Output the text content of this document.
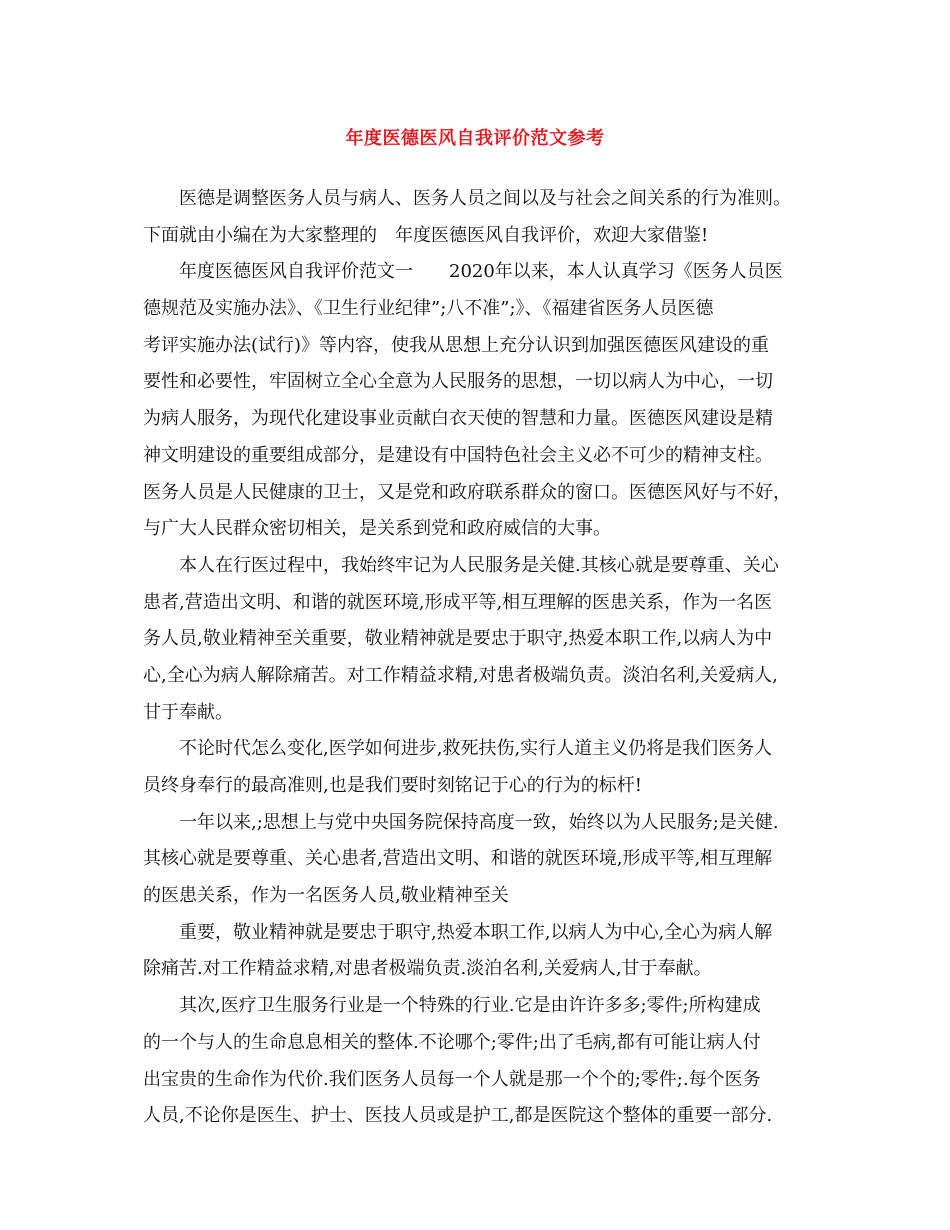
年度医德医风自我评价范文参考
医德是调整医务人员与病人、医务人员之间以及与社会之间关系的行为准则。
下面就由小编在为大家整理的　年度医德医风自我评价，欢迎大家借鉴!
年度医德医风自我评价范文一　　2020年以来，本人认真学习《医务人员医
德规范及实施办法》、《卫生行业纪律”;八不准”;》、《福建省医务人员医德
考评实施办法(试行)》等内容，使我从思想上充分认识到加强医德医风建设的重
要性和必要性，牢固树立全心全意为人民服务的思想，一切以病人为中心，一切
为病人服务，为现代化建设事业贡献白衣天使的智慧和力量。医德医风建设是精
神文明建设的重要组成部分，是建设有中国特色社会主义必不可少的精神支柱。
医务人员是人民健康的卫士，又是党和政府联系群众的窗口。医德医风好与不好，
与广大人民群众密切相关，是关系到党和政府威信的大事。
本人在行医过程中，我始终牢记为人民服务是关健.其核心就是要尊重、关心
患者,营造出文明、和谐的就医环境,形成平等,相互理解的医患关系，作为一名医
务人员,敬业精神至关重要，敬业精神就是要忠于职守,热爱本职工作,以病人为中
心,全心为病人解除痛苦。对工作精益求精,对患者极端负责。淡泊名利,关爱病人,
甘于奉献。
不论时代怎么变化,医学如何进步,救死扶伤,实行人道主义仍将是我们医务人
员终身奉行的最高准则,也是我们要时刻铭记于心的行为的标杆!
一年以来,;思想上与党中央国务院保持高度一致，始终以为人民服务;是关健.
其核心就是要尊重、关心患者,营造出文明、和谐的就医环境,形成平等,相互理解
的医患关系，作为一名医务人员,敬业精神至关
重要，敬业精神就是要忠于职守,热爱本职工作,以病人为中心,全心为病人解
除痛苦.对工作精益求精,对患者极端负责.淡泊名利,关爱病人,甘于奉献。
其次,医疗卫生服务行业是一个特殊的行业.它是由许许多多;零件;所构建成
的一个与人的生命息息相关的整体.不论哪个;零件;出了毛病,都有可能让病人付
出宝贵的生命作为代价.我们医务人员每一个人就是那一个个的;零件;.每个医务
人员,不论你是医生、护士、医技人员或是护工,都是医院这个整体的重要一部分.
